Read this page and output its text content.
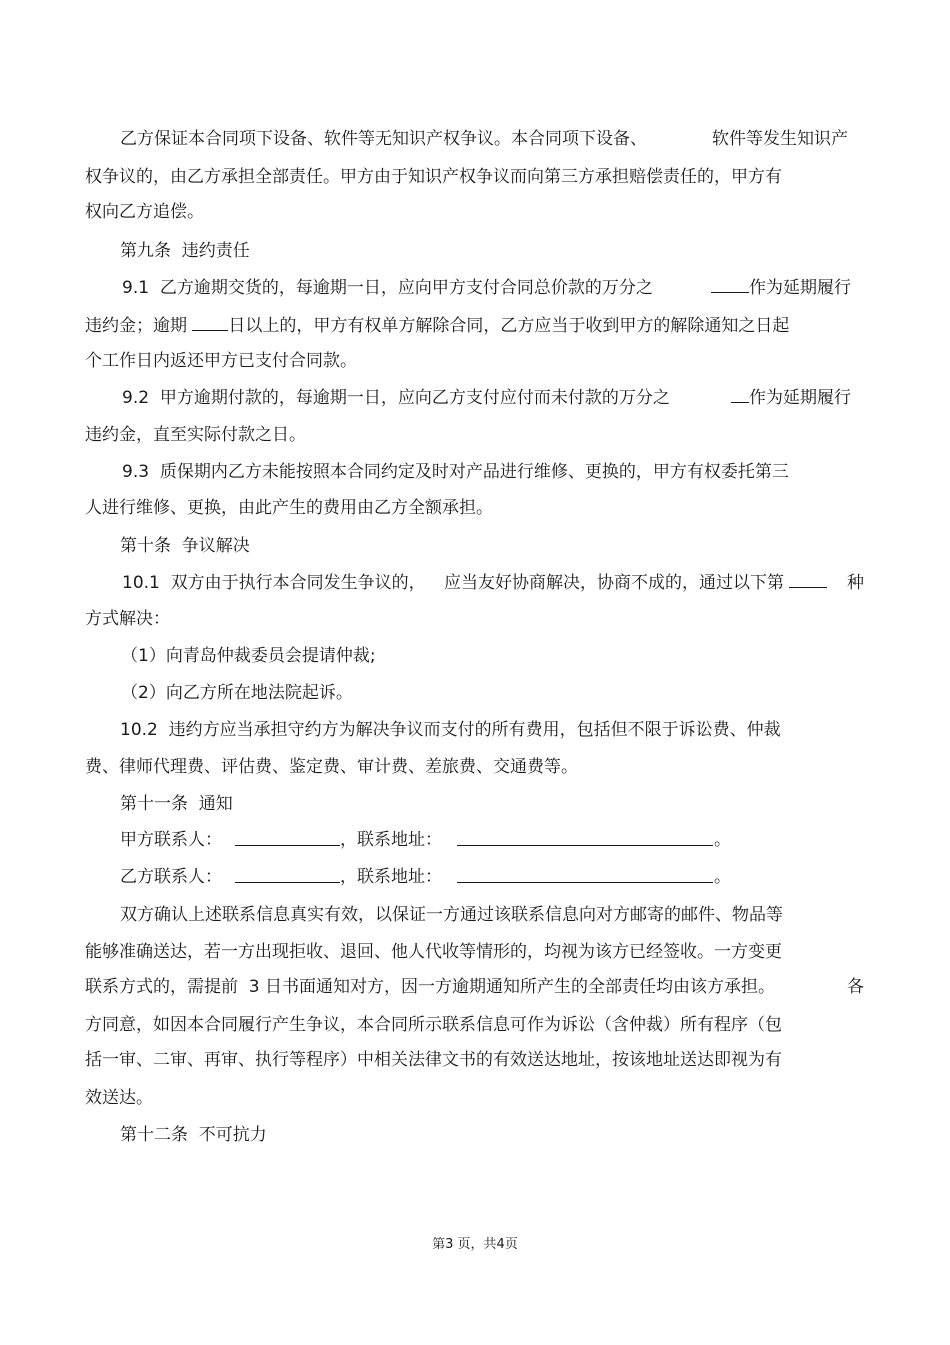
乙方保证本合同项下设备、软件等无知识产权争议。本合同项下设备、	软件等发生知识产
权争议的，由乙方承担全部责任。甲方由于知识产权争议而向第三方承担赔偿责任的，甲方有
权向乙方追偿。
第九条  违约责任
9.1  乙方逾期交货的，每逾期一日，应向甲方支付合同总价款的万分之	作为延期履行
违约金；逾期 日以上的，甲方有权单方解除合同，乙方应当于收到甲方的解除通知之日起
个工作日内返还甲方已支付合同款。
9.2  甲方逾期付款的，每逾期一日，应向乙方支付应付而未付款的万分之	作为延期履行
违约金，直至实际付款之日。
9.3  质保期内乙方未能按照本合同约定及时对产品进行维修、更换的，甲方有权委托第三
人进行维修、更换，由此产生的费用由乙方全额承担。
第十条  争议解决
10.1  双方由于执行本合同发生争议的， 应当友好协商解决，协商不成的，通过以下第	种
方式解决：
（1）向青岛仲裁委员会提请仲裁;
（2）向乙方所在地法院起诉。
10.2  违约方应当承担守约方为解决争议而支付的所有费用，包括但不限于诉讼费、仲裁
费、律师代理费、评估费、鉴定费、审计费、差旅费、交通费等。
第十一条  通知
甲方联系人：	，联系地址：	。
乙方联系人：	，联系地址：	。
双方确认上述联系信息真实有效，以保证一方通过该联系信息向对方邮寄的邮件、物品等
能够准确送达，若一方出现拒收、退回、他人代收等情形的，均视为该方已经签收。一方变更
联系方式的，需提前  3 日书面通知对方，因一方逾期通知所产生的全部责任均由该方承担。	各
方同意，如因本合同履行产生争议，本合同所示联系信息可作为诉讼（含仲裁）所有程序（包
括一审、二审、再审、执行等程序）中相关法律文书的有效送达地址，按该地址送达即视为有
效送达。
第十二条  不可抗力
第3 页，共4页
